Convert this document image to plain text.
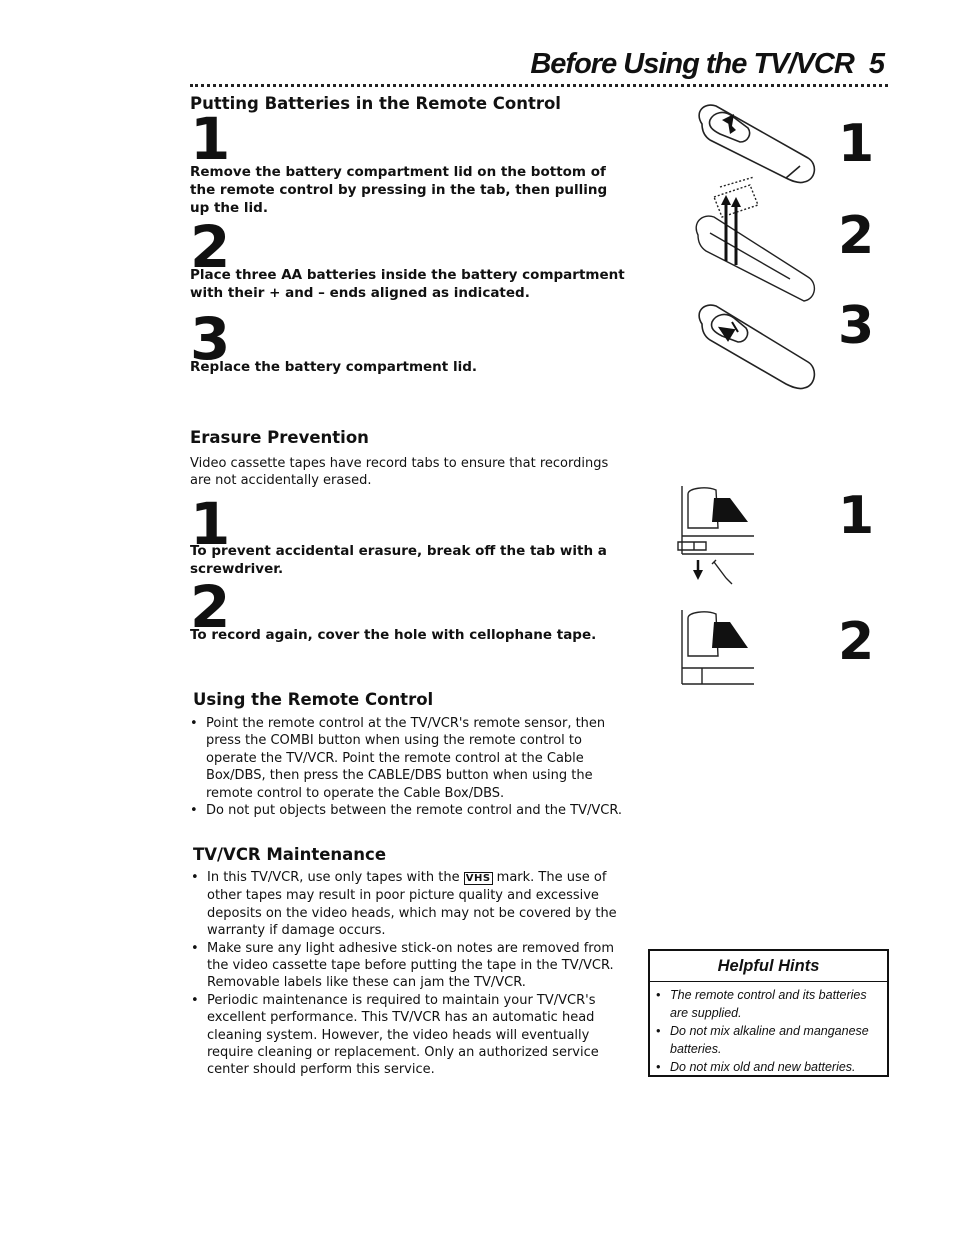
Before Using the TV/VCR 5
Putting Batteries in the Remote Control
1
Remove the battery compartment lid on the bottom of the remote control by pressing in the tab, then pulling up the lid.
2
Place three AA batteries inside the battery compartment with their + and – ends aligned as indicated.
3
Replace the battery compartment lid.
1
2
3
Erasure Prevention
Video cassette tapes have record tabs to ensure that recordings are not accidentally erased.
1
To prevent accidental erasure, break off the tab with a screwdriver.
2
To record again, cover the hole with cellophane tape.
1
2
Using the Remote Control
• Point the remote control at the TV/VCR's remote sensor, then press the COMBI button when using the remote control to operate the TV/VCR. Point the remote control at the Cable Box/DBS, then press the CABLE/DBS button when using the remote control to operate the Cable Box/DBS.
• Do not put objects between the remote control and the TV/VCR.
TV/VCR Maintenance
• In this TV/VCR, use only tapes with the VHS mark. The use of other tapes may result in poor picture quality and excessive deposits on the video heads, which may not be covered by the warranty if damage occurs.
• Make sure any light adhesive stick-on notes are removed from the video cassette tape before putting the tape in the TV/VCR. Removable labels like these can jam the TV/VCR.
• Periodic maintenance is required to maintain your TV/VCR's excellent performance. This TV/VCR has an automatic head cleaning system. However, the video heads will eventually require cleaning or replacement. Only an authorized service center should perform this service.
Helpful Hints
• The remote control and its batteries are supplied.
• Do not mix alkaline and manganese batteries.
• Do not mix old and new batteries.
